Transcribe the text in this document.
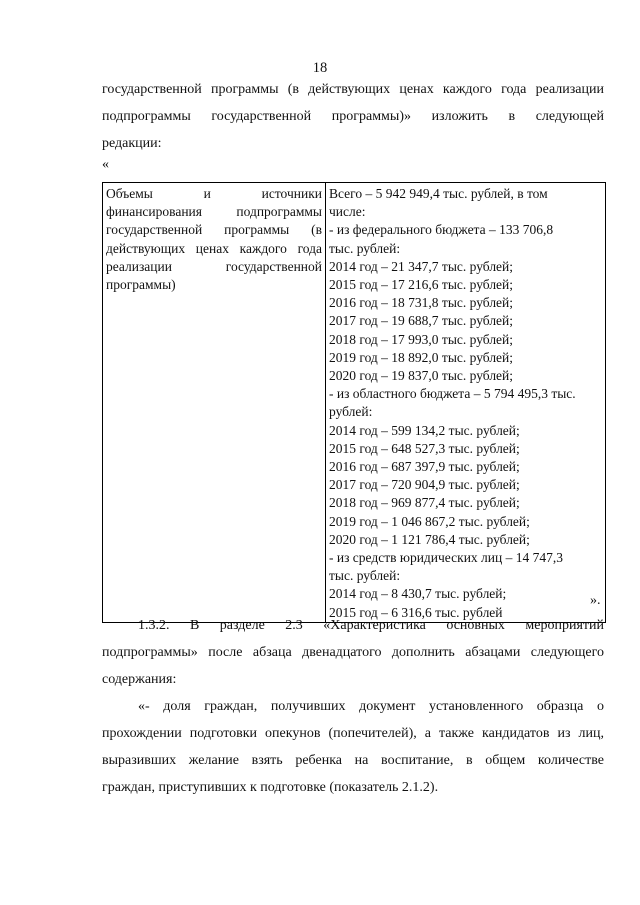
18
государственной программы (в действующих ценах каждого года реализации
подпрограммы государственной программы)» изложить в следующей
редакции:
«
Объемы и источники
финансирования подпрограммы
государственной программы (в
действующих ценах каждого года
реализации государственной
программы)

Всего – 5 942 949,4 тыс. рублей, в том
числе:
- из федерального бюджета – 133 706,8
тыс. рублей:
2014 год – 21 347,7 тыс. рублей;
2015 год – 17 216,6 тыс. рублей;
2016 год – 18 731,8 тыс. рублей;
2017 год – 19 688,7 тыс. рублей;
2018 год – 17 993,0 тыс. рублей;
2019 год – 18 892,0 тыс. рублей;
2020 год – 19 837,0 тыс. рублей;
- из областного бюджета – 5 794 495,3 тыс.
рублей:
2014 год – 599 134,2 тыс. рублей;
2015 год – 648 527,3 тыс. рублей;
2016 год – 687 397,9 тыс. рублей;
2017 год – 720 904,9 тыс. рублей;
2018 год – 969 877,4 тыс. рублей;
2019 год – 1 046 867,2 тыс. рублей;
2020 год – 1 121 786,4 тыс. рублей;
- из средств юридических лиц – 14 747,3
тыс. рублей:
2014 год – 8 430,7 тыс. рублей;
2015 год – 6 316,6 тыс. рублей
».
1.3.2. В разделе 2.3 «Характеристика основных мероприятий
подпрограммы» после абзаца двенадцатого дополнить абзацами следующего
содержания:
«- доля граждан, получивших документ установленного образца о
прохождении подготовки опекунов (попечителей), а также кандидатов из лиц,
выразивших желание взять ребенка на воспитание, в общем количестве
граждан, приступивших к подготовке (показатель 2.1.2).
